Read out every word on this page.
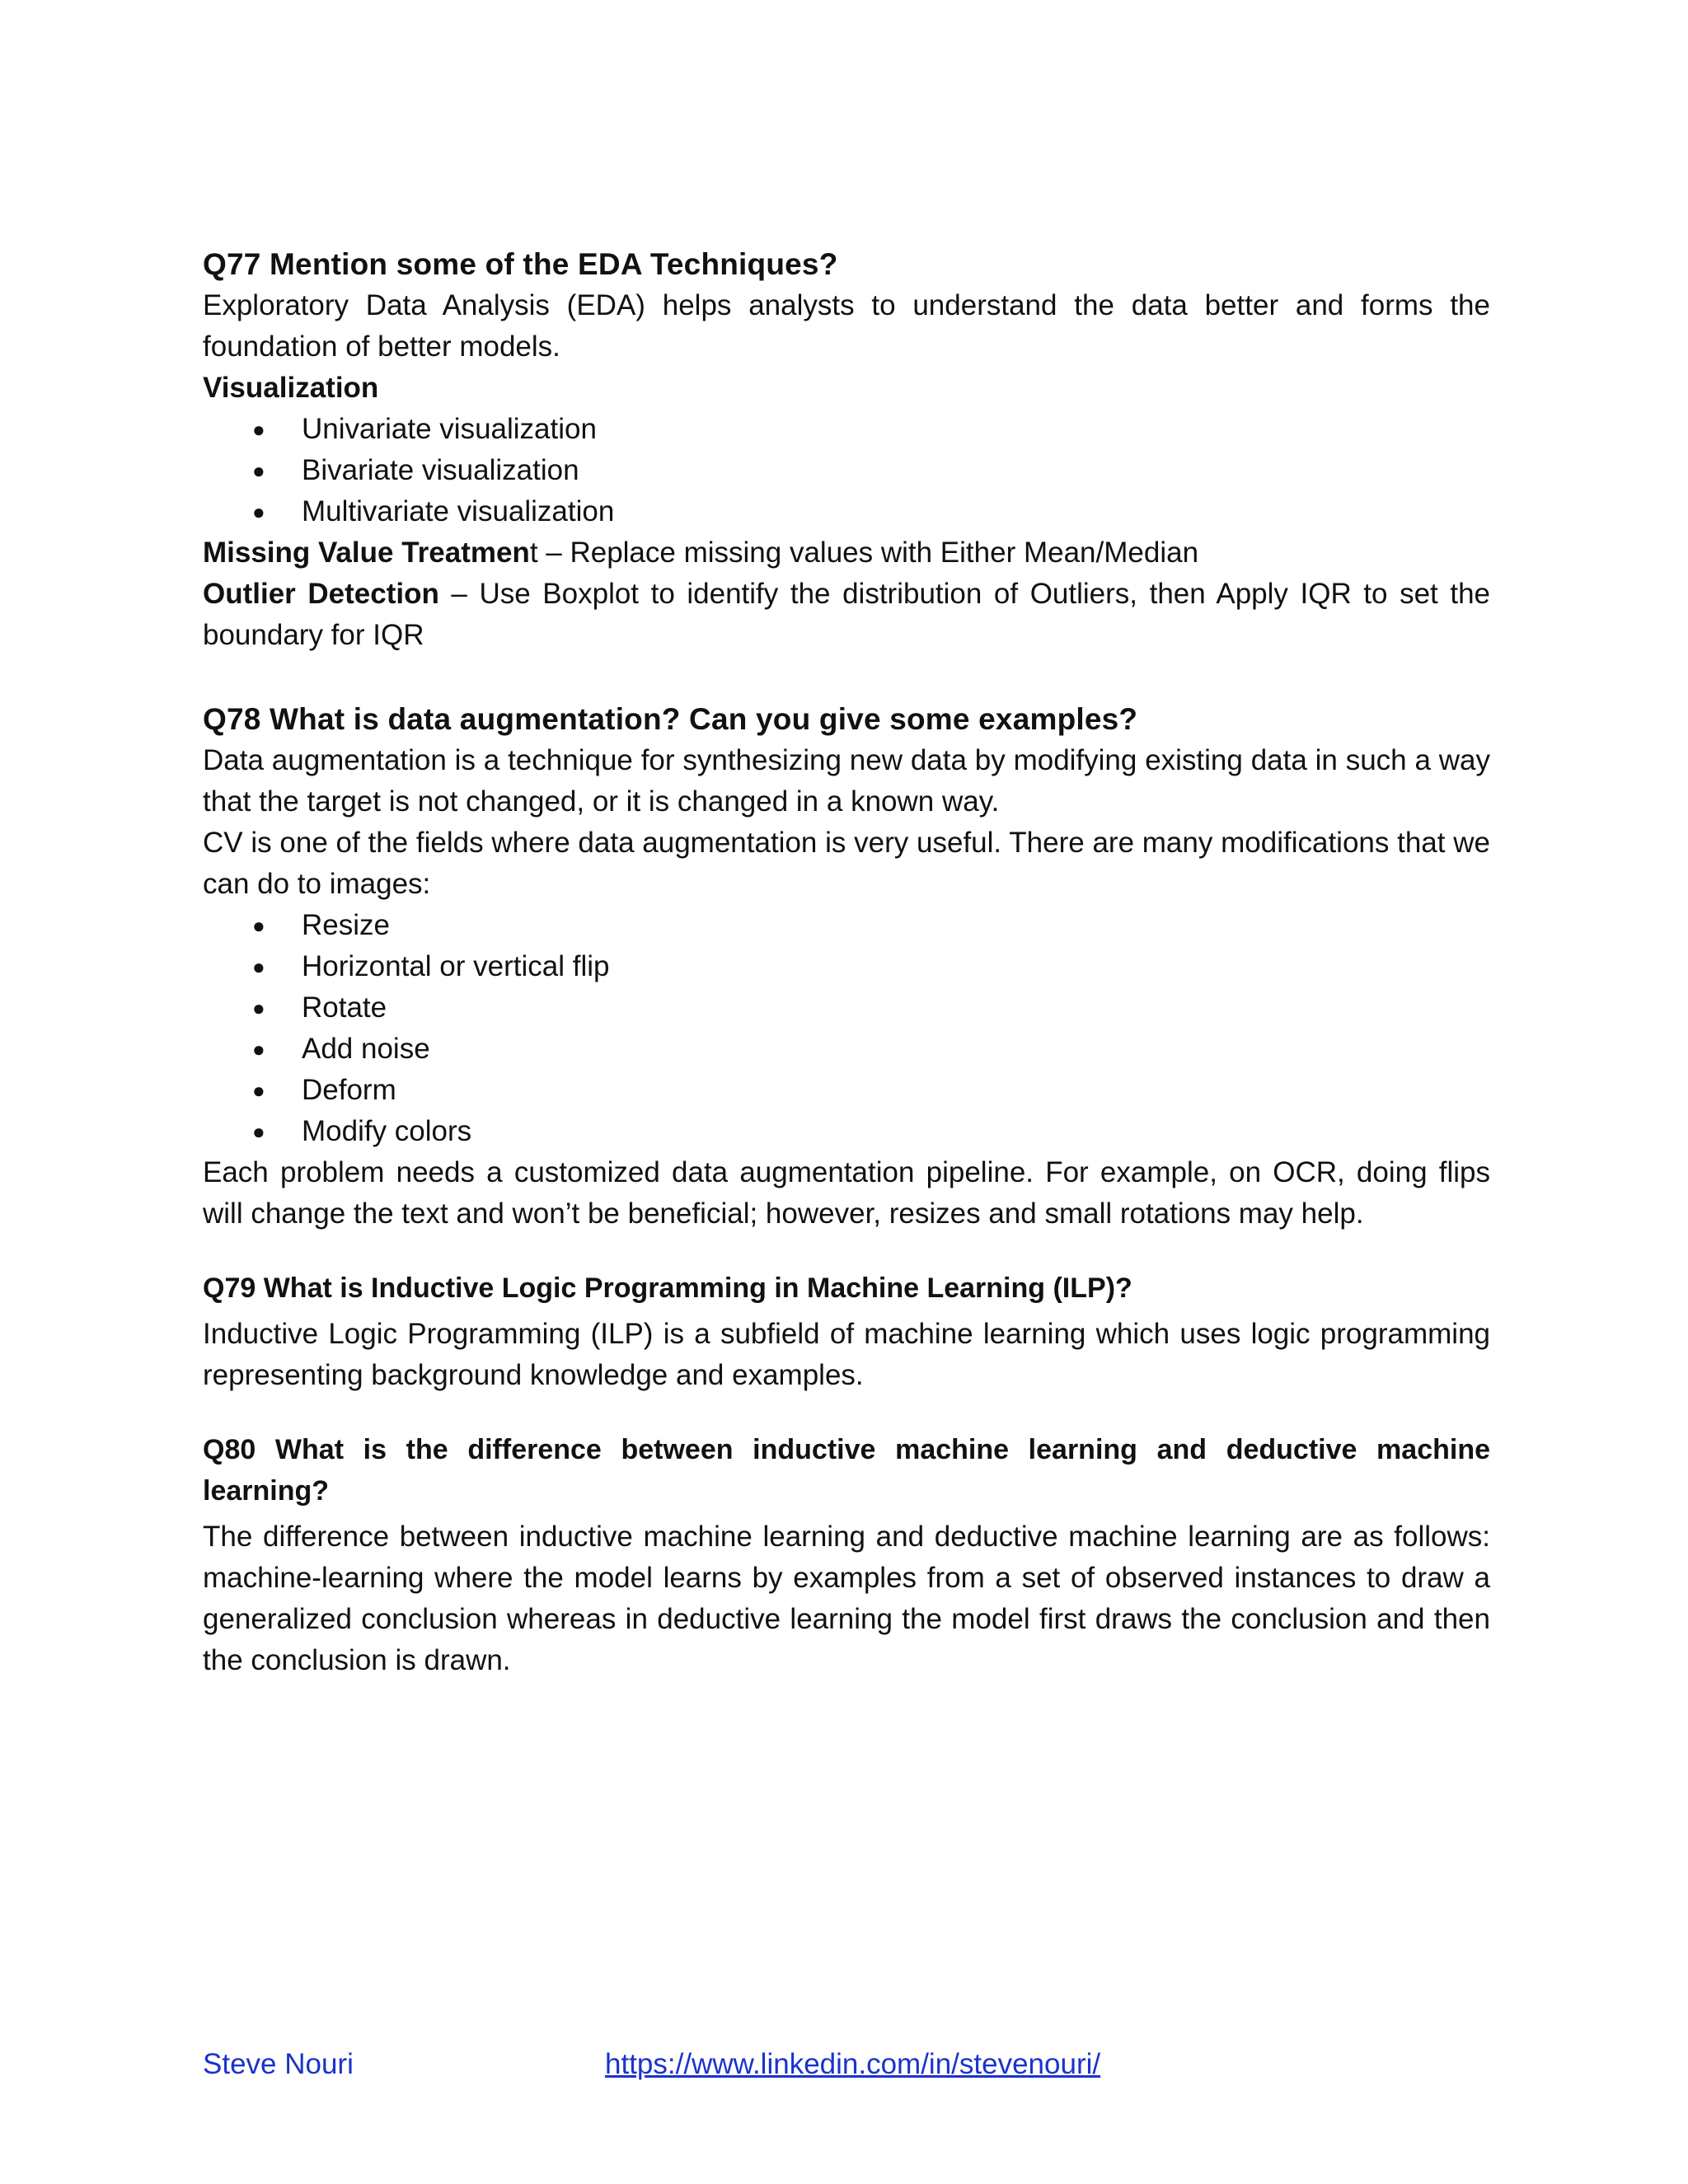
Q77 Mention some of the EDA Techniques?

Exploratory Data Analysis (EDA) helps analysts to understand the data better and forms the foundation of better models.

Visualization

● Univariate visualization
● Bivariate visualization
● Multivariate visualization

Missing Value Treatment – Replace missing values with Either Mean/Median

Outlier Detection – Use Boxplot to identify the distribution of Outliers, then Apply IQR to set the boundary for IQR

Q78 What is data augmentation? Can you give some examples?

Data augmentation is a technique for synthesizing new data by modifying existing data in such a way that the target is not changed, or it is changed in a known way.

CV is one of the fields where data augmentation is very useful. There are many modifications that we can do to images:

● Resize
● Horizontal or vertical flip
● Rotate
● Add noise
● Deform
● Modify colors

Each problem needs a customized data augmentation pipeline. For example, on OCR, doing flips will change the text and won’t be beneficial; however, resizes and small rotations may help.

Q79 What is Inductive Logic Programming in Machine Learning (ILP)?

Inductive Logic Programming (ILP) is a subfield of machine learning which uses logic programming representing background knowledge and examples.

Q80 What is the difference between inductive machine learning and deductive machine learning?

The difference between inductive machine learning and deductive machine learning are as follows: machine-learning where the model learns by examples from a set of observed instances to draw a generalized conclusion whereas in deductive learning the model first draws the conclusion and then the conclusion is drawn.

Steve Nouri	https://www.linkedin.com/in/stevenouri/
